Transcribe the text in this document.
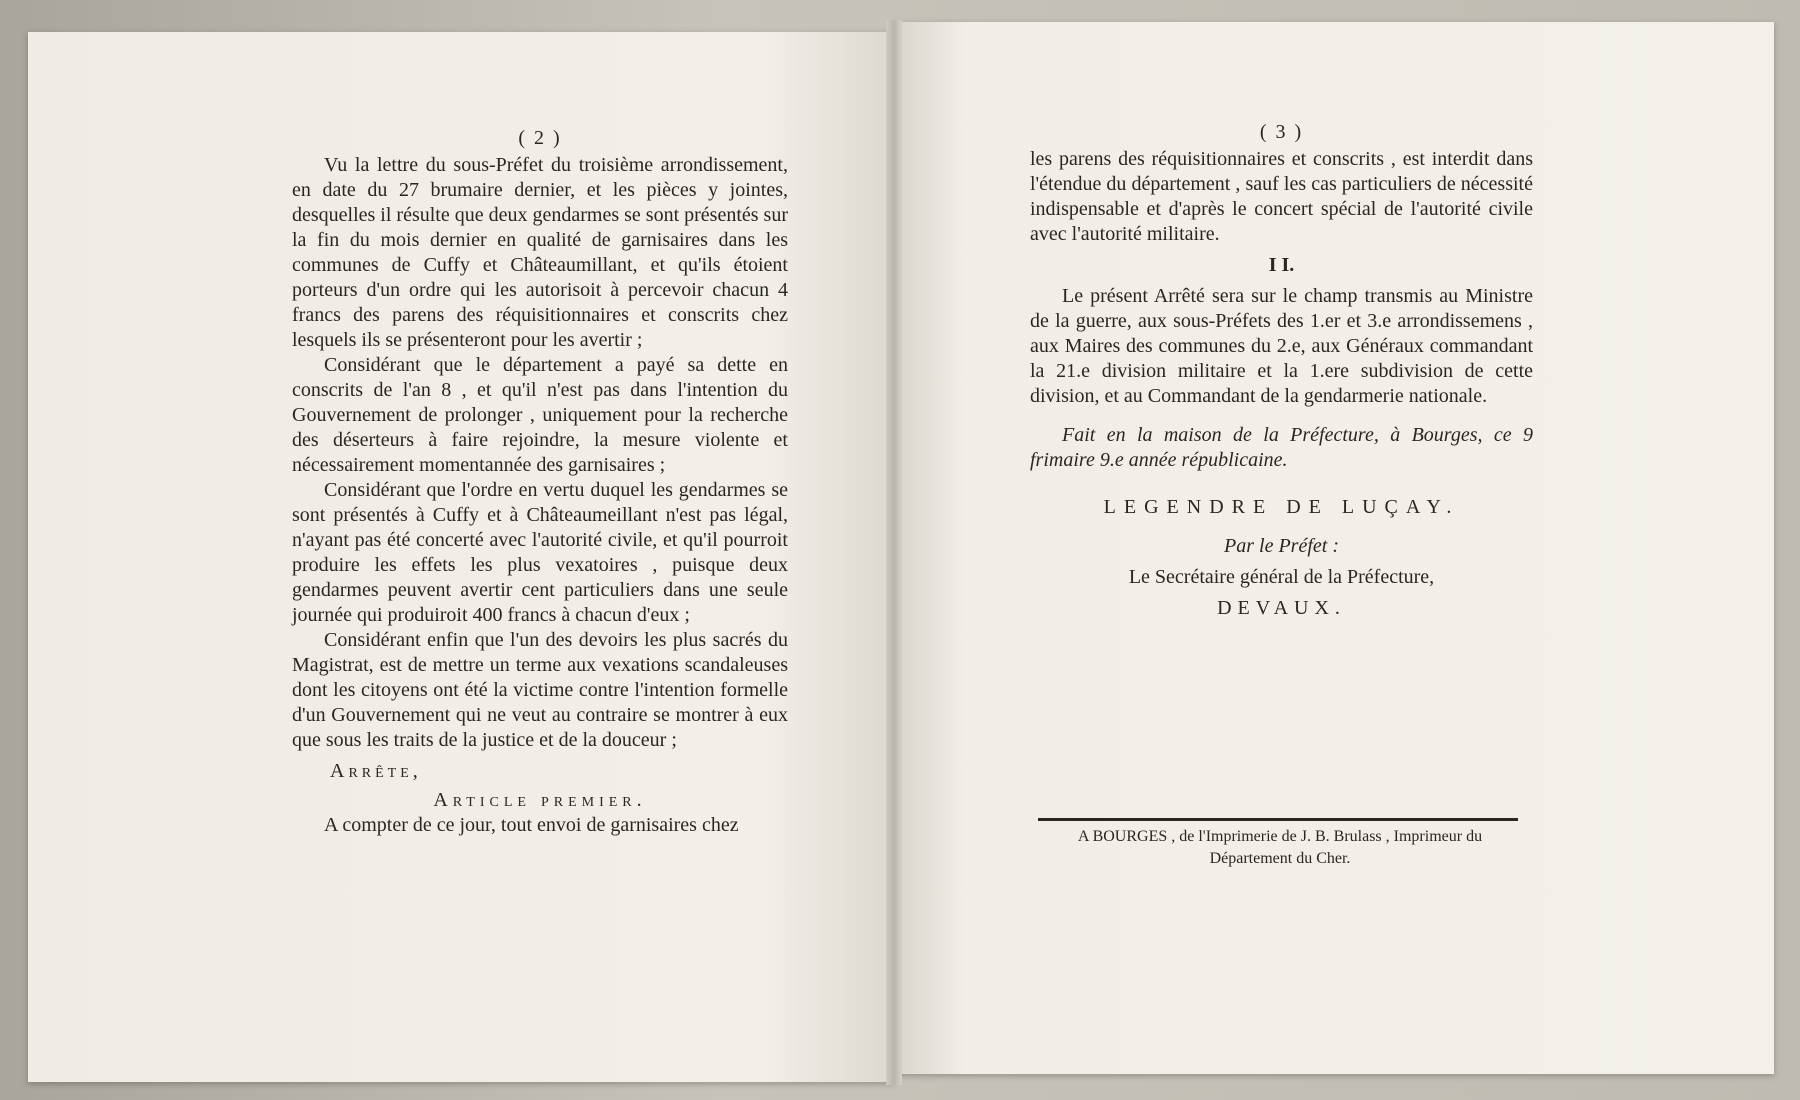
( 2 )

Vu la lettre du sous-Préfet du troisième arrondissement, en date du 27 brumaire dernier, et les pièces y jointes, desquelles il résulte que deux gendarmes se sont présentés sur la fin du mois dernier en qualité de garnisaires dans les communes de Cuffy et Châteaumillant, et qu'ils étoient porteurs d'un ordre qui les autorisoit à percevoir chacun 4 francs des parens des réquisitionnaires et conscrits chez lesquels ils se présenteront pour les avertir ;

Considérant que le département a payé sa dette en conscrits de l'an 8 , et qu'il n'est pas dans l'intention du Gouvernement de prolonger , uniquement pour la recherche des déserteurs à faire rejoindre, la mesure violente et nécessairement momentannée des garnisaires ;

Considérant que l'ordre en vertu duquel les gendarmes se sont présentés à Cuffy et à Châteaumeillant n'est pas légal, n'ayant pas été concerté avec l'autorité civile, et qu'il pourroit produire les effets les plus vexatoires , puisque deux gendarmes peuvent avertir cent particuliers dans une seule journée qui produiroit 400 francs à chacun d'eux ;

Considérant enfin que l'un des devoirs les plus sacrés du Magistrat, est de mettre un terme aux vexations scandaleuses dont les citoyens ont été la victime contre l'intention formelle d'un Gouvernement qui ne veut au contraire se montrer à eux que sous les traits de la justice et de la douceur ;

Arrête,

Article premier.

A compter de ce jour, tout envoi de garnisaires chez

( 3 )

les parens des réquisitionnaires et conscrits , est interdit dans l'étendue du département , sauf les cas particuliers de nécessité indispensable et d'après le concert spécial de l'autorité civile avec l'autorité militaire.

I I.

Le présent Arrêté sera sur le champ transmis au Ministre de la guerre, aux sous-Préfets des 1.er et 3.e arrondissemens , aux Maires des communes du 2.e, aux Généraux commandant la 21.e division militaire et la 1.ere subdivision de cette division, et au Commandant de la gendarmerie nationale.

Fait en la maison de la Préfecture, à Bourges, ce 9 frimaire 9.e année républicaine.

LEGENDRE DE LUÇAY.

Par le Préfet :

Le Secrétaire général de la Préfecture,

DEVAUX.

A BOURGES , de l'Imprimerie de J. B. Brulass , Imprimeur du Département du Cher.
